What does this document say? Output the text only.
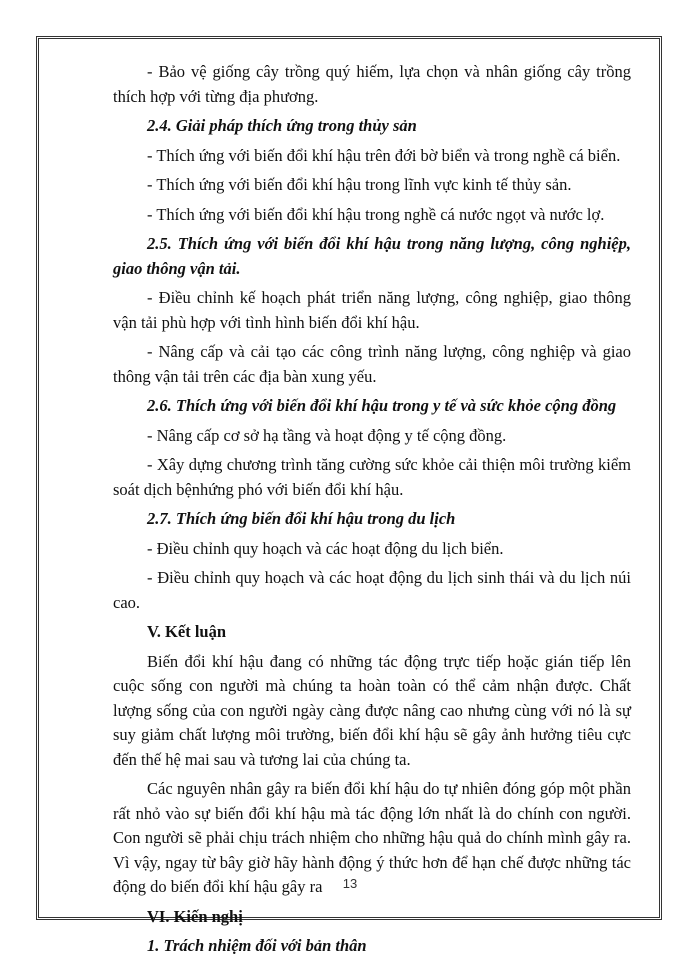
- Bảo vệ giống cây trồng quý hiếm, lựa chọn và nhân giống cây trồng thích hợp với từng địa phương.

2.4. Giải pháp thích ứng trong thủy sản

- Thích ứng với biến đổi khí hậu trên đới bờ biển và trong nghề cá biển.

- Thích ứng với biến đổi khí hậu trong lĩnh vực kinh tế thủy sản.

- Thích ứng với biến đổi khí hậu trong nghề cá nước ngọt và nước lợ.

2.5. Thích ứng với biến đổi khí hậu trong năng lượng, công nghiệp, giao thông vận tải.

- Điều chỉnh kế hoạch phát triển năng lượng, công nghiệp, giao thông vận tải phù hợp với tình hình biến đổi khí hậu.

- Nâng cấp và cải tạo các công trình năng lượng, công nghiệp và giao thông vận tải trên các địa bàn xung yếu.

2.6. Thích ứng với biến đổi khí hậu trong y tế và sức khỏe cộng đồng

- Nâng cấp cơ sở hạ tầng và hoạt động y tế cộng đồng.

- Xây dựng chương trình tăng cường sức khỏe cải thiện môi trường kiểm soát dịch bệnhứng phó với biến đổi khí hậu.

2.7. Thích ứng biến đổi khí hậu trong du lịch

- Điều chỉnh quy hoạch và các hoạt động du lịch biển.

- Điều chỉnh quy hoạch và các hoạt động du lịch sinh thái và du lịch núi cao.

V. Kết luận

Biến đổi khí hậu đang có những tác động trực tiếp hoặc gián tiếp lên cuộc sống con người mà chúng ta hoàn toàn có thể cảm nhận được. Chất lượng sống của con người ngày càng được nâng cao nhưng cùng với nó là sự suy giảm chất lượng môi trường, biến đổi khí hậu sẽ gây ảnh hưởng tiêu cực đến thế hệ mai sau và tương lai của chúng ta.

Các nguyên nhân gây ra biến đổi khí hậu do tự nhiên đóng góp một phần rất nhỏ vào sự biến đổi khí hậu mà tác động lớn nhất là do chính con người. Con người sẽ phải chịu trách nhiệm cho những hậu quả do chính mình gây ra. Vì vậy, ngay từ bây giờ hãy hành động ý thức hơn để hạn chế được những tác động do biến đổi khí hậu gây ra

VI. Kiến nghị

1. Trách nhiệm đối với bản thân

13
